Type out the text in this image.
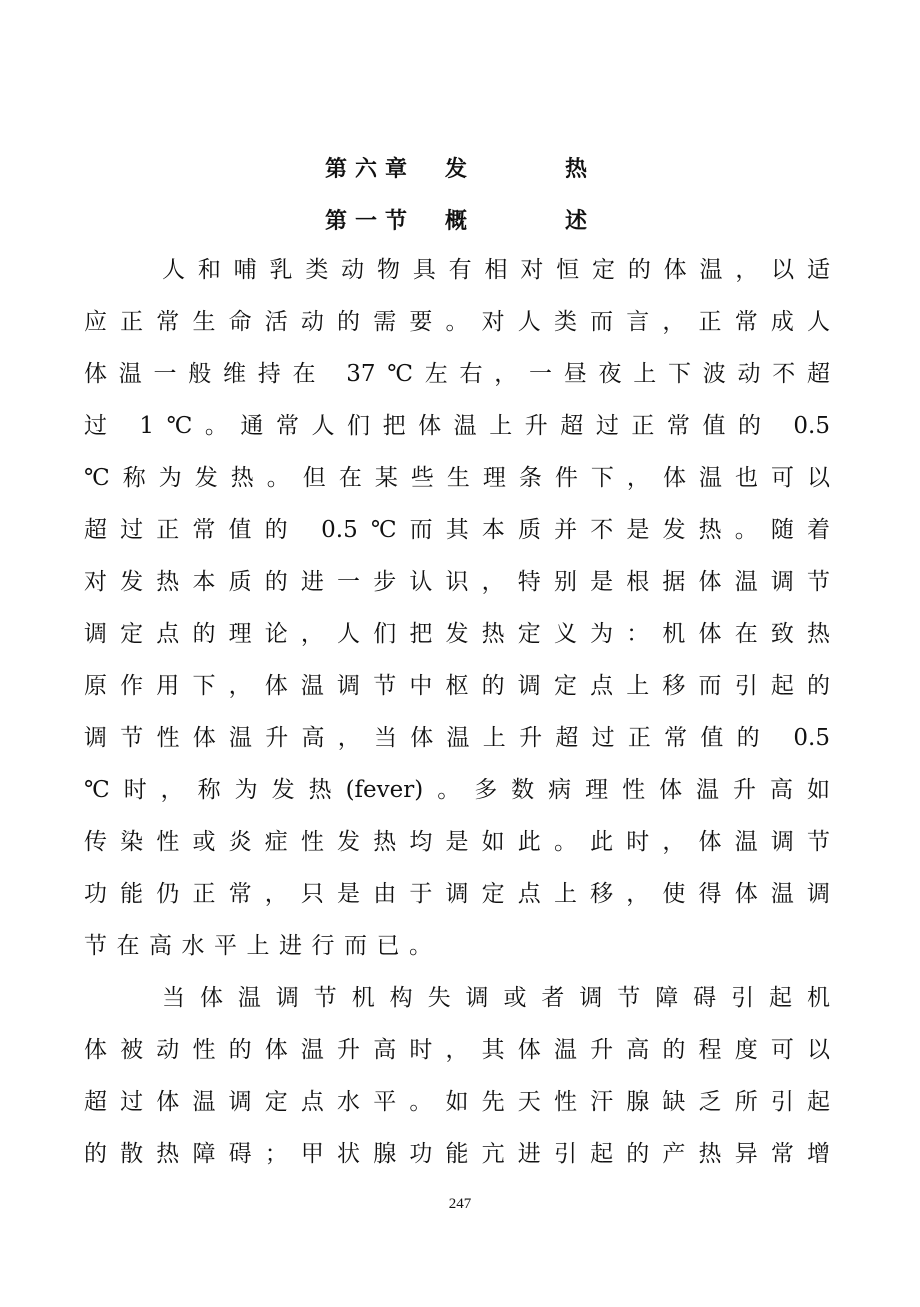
第六章　发　　　热
第一节　概　　　述
人和哺乳类动物具有相对恒定的体温，以适
应正常生命活动的需要。对人类而言，正常成人
体温一般维持在 37℃左右，一昼夜上下波动不超
过 1℃。通常人们把体温上升超过正常值的 0.5
℃称为发热。但在某些生理条件下，体温也可以
超过正常值的 0.5℃而其本质并不是发热。随着
对发热本质的进一步认识，特别是根据体温调节
调定点的理论，人们把发热定义为：机体在致热
原作用下，体温调节中枢的调定点上移而引起的
调节性体温升高，当体温上升超过正常值的 0.5
℃时，称为发热(fever)。多数病理性体温升高如
传染性或炎症性发热均是如此。此时，体温调节
功能仍正常，只是由于调定点上移，使得体温调
节在高水平上进行而已。
当体温调节机构失调或者调节障碍引起机
体被动性的体温升高时，其体温升高的程度可以
超过体温调定点水平。如先天性汗腺缺乏所引起
的散热障碍；甲状腺功能亢进引起的产热异常增
247
